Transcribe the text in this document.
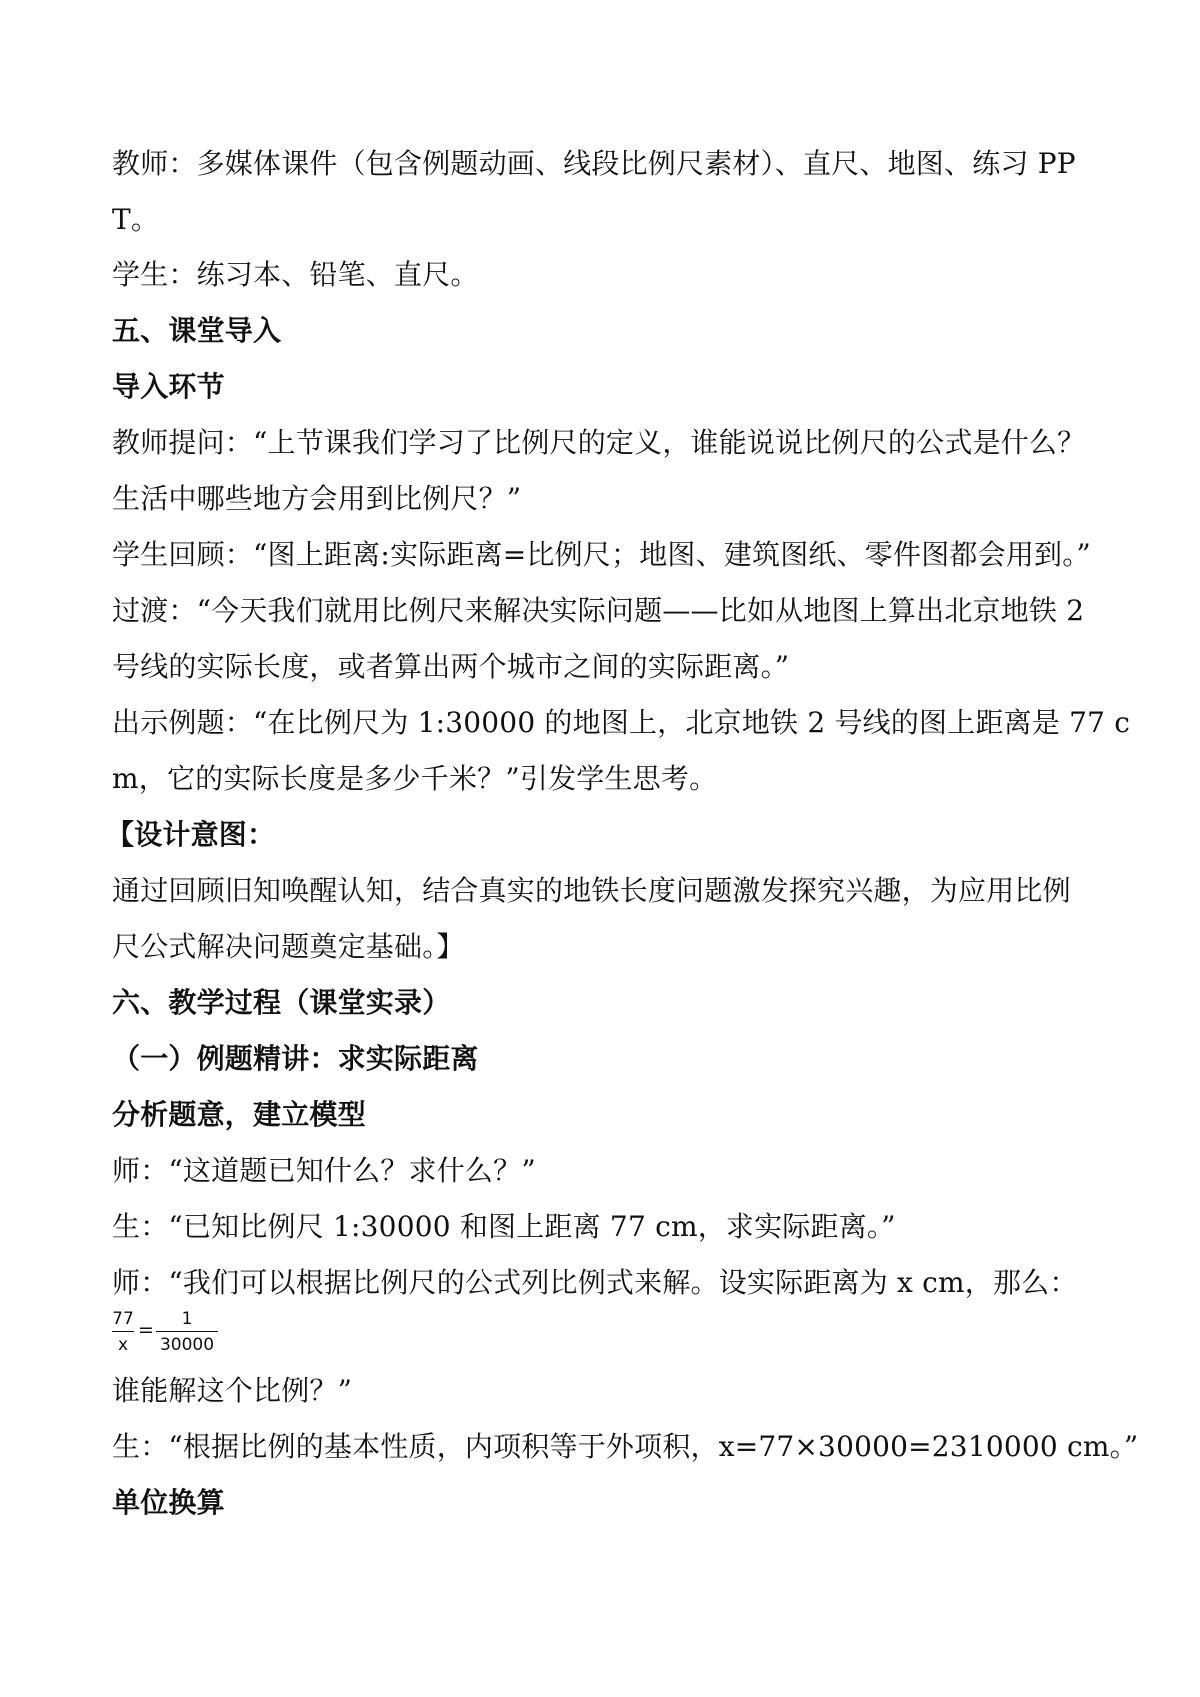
教师：多媒体课件（包含例题动画、线段比例尺素材）、直尺、地图、练习 PP
T。
学生：练习本、铅笔、直尺。
五、课堂导入
导入环节
教师提问：“上节课我们学习了比例尺的定义，谁能说说比例尺的公式是什么？
生活中哪些地方会用到比例尺？”
学生回顾：“图上距离:实际距离=比例尺；地图、建筑图纸、零件图都会用到。”
过渡：“今天我们就用比例尺来解决实际问题——比如从地图上算出北京地铁 2
号线的实际长度，或者算出两个城市之间的实际距离。”
出示例题：“在比例尺为 1:30000 的地图上，北京地铁 2 号线的图上距离是 77 c
m，它的实际长度是多少千米？”引发学生思考。
【设计意图：
通过回顾旧知唤醒认知，结合真实的地铁长度问题激发探究兴趣，为应用比例
尺公式解决问题奠定基础。】
六、教学过程（课堂实录）
（一）例题精讲：求实际距离
分析题意，建立模型
师：“这道题已知什么？求什么？”
生：“已知比例尺 1:30000 和图上距离 77 cm，求实际距离。”
师：“我们可以根据比例尺的公式列比例式来解。设实际距离为 x cm，那么：
77
x
=	1
30000
谁能解这个比例？”
生：“根据比例的基本性质，内项积等于外项积，x=77×30000=2310000 cm。”
单位换算
